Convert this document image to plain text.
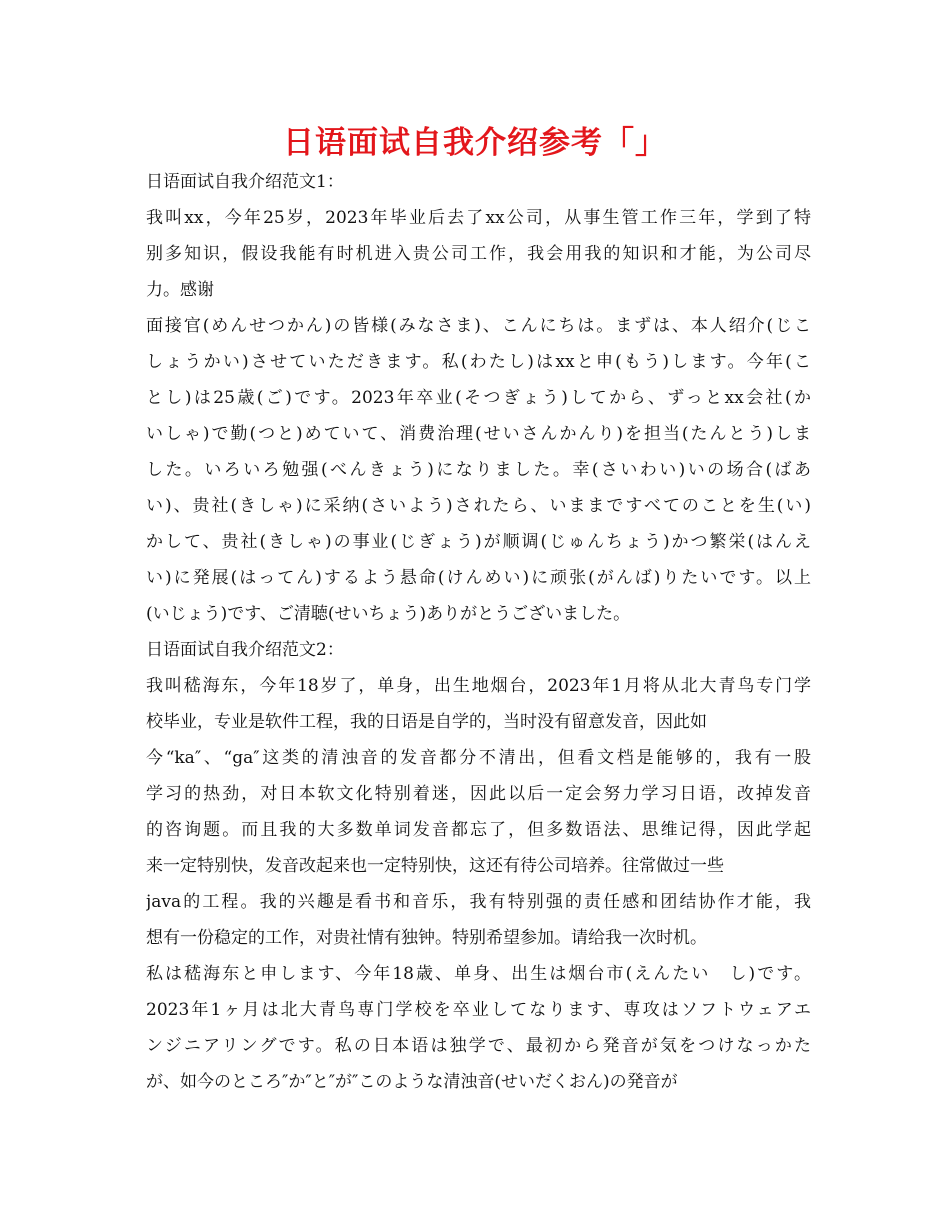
日语面试自我介绍参考「」
日语面试自我介绍范文1：
我叫xx，今年25岁，2023年毕业后去了xx公司，从事生管工作三年，学到了特
别多知识，假设我能有时机进入贵公司工作，我会用我的知识和才能，为公司尽
力。感谢
面接官(めんせつかん)の皆様(みなさま)、こんにちは。まずは、本人绍介(じこ
しょうかい)させていただきます。私(わたし)はxxと申(もう)します。今年(こ
とし)は25歳(ご)です。2023年卒业(そつぎょう)してから、ずっとxx会社(か
いしゃ)で勤(つと)めていて、消费治理(せいさんかんり)を担当(たんとう)しま
した。いろいろ勉强(べんきょう)になりました。幸(さいわい)いの场合(ばあ
い)、贵社(きしゃ)に采纳(さいよう)されたら、いままですべてのことを生(い)
かして、贵社(きしゃ)の事业(じぎょう)が顺调(じゅんちょう)かつ繁栄(はんえ
い)に発展(はってん)するよう悬命(けんめい)に顽张(がんば)りたいです。以上
(いじょう)です、ご清聴(せいちょう)ありがとうございました。
日语面试自我介绍范文2：
我叫嵇海东，今年18岁了，单身，出生地烟台，2023年1月将从北大青鸟专门学
校毕业，专业是软件工程，我的日语是自学的，当时没有留意发音，因此如
今“ka″、“ga″这类的清浊音的发音都分不清出，但看文档是能够的，我有一股
学习的热劲，对日本软文化特别着迷，因此以后一定会努力学习日语，改掉发音
的咨询题。而且我的大多数单词发音都忘了，但多数语法、思维记得，因此学起
来一定特别快，发音改起来也一定特别快，这还有待公司培养。往常做过一些
java的工程。我的兴趣是看书和音乐，我有特别强的责任感和团结协作才能，我
想有一份稳定的工作，对贵社情有独钟。特别希望参加。请给我一次时机。
私は嵇海东と申します、今年18歳、单身、出生は烟台市(えんたい　し)です。
2023年1ヶ月は北大青鸟専门学校を卒业してなります、専攻はソフトウェアエ
ンジニアリングです。私の日本语は独学で、最初から発音が気をつけなっかた
が、如今のところ″か″と″が″このような清浊音(せいだくおん)の発音が
